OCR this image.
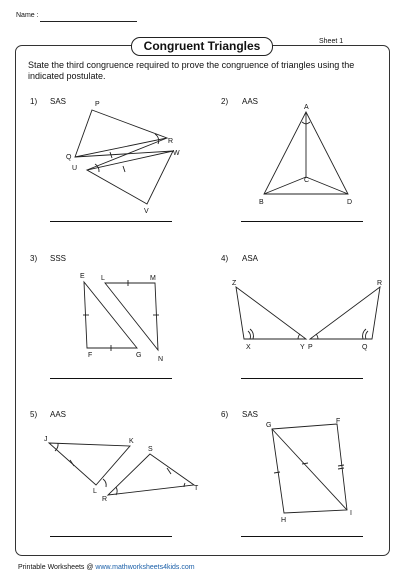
Name :
Congruent Triangles	Sheet 1
State the third congruence required to prove the congruence of triangles using the indicated postulate.
1) SAS	P
R
Q
W
U
V
2) AAS
A
C
B	D
3) SSS
E L	M
F	G
N
4) ASA
Z	R
X	Y P	Q
5) AAS
J	K
S
L
R
T
6) SAS
G
F
H
I
Printable Worksheets @ www.mathworksheets4kids.com
